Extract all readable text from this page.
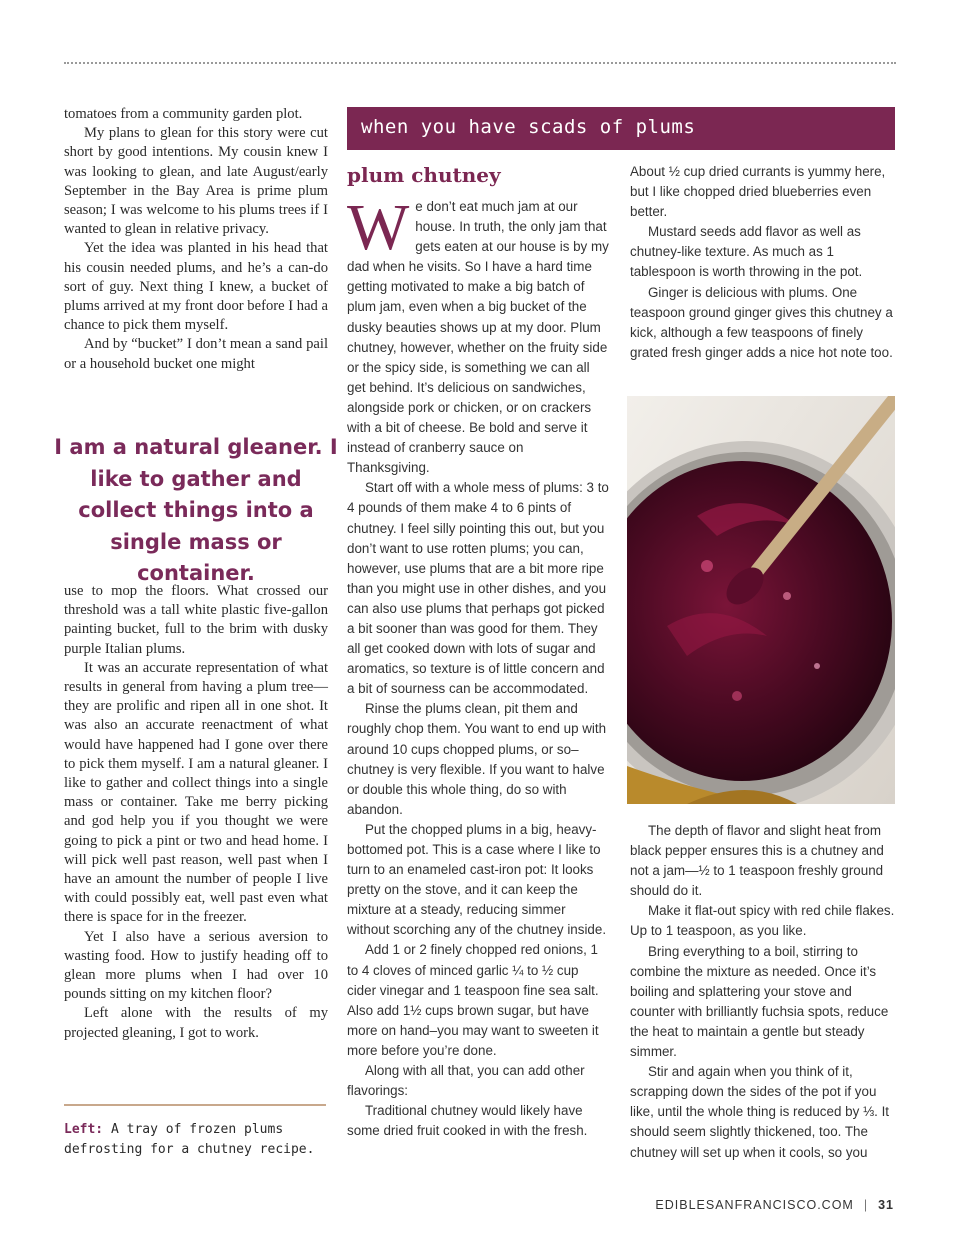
tomatoes from a community garden plot.

My plans to glean for this story were cut short by good intentions. My cousin knew I was looking to glean, and late August/early September in the Bay Area is prime plum season; I was welcome to his plums trees if I wanted to glean in relative privacy.

Yet the idea was planted in his head that his cousin needed plums, and he’s a can-do sort of guy. Next thing I knew, a bucket of plums arrived at my front door before I had a chance to pick them myself.

And by “bucket” I don’t mean a sand pail or a household bucket one might

I am a natural gleaner. I like to gather and collect things into a single mass or container.

use to mop the floors. What crossed our threshold was a tall white plastic five-gallon painting bucket, full to the brim with dusky purple Italian plums.

It was an accurate representation of what results in general from having a plum tree—they are prolific and ripen all in one shot. It was also an accurate reenactment of what would have happened had I gone over there to pick them myself. I am a natural gleaner. I like to gather and collect things into a single mass or container. Take me berry picking and god help you if you thought we were going to pick a pint or two and head home. I will pick well past reason, well past when I have an amount the number of people I live with could possibly eat, well past even what there is space for in the freezer.

Yet I also have a serious aversion to wasting food. How to justify heading off to glean more plums when I had over 10 pounds sitting on my kitchen floor?

Left alone with the results of my projected gleaning, I got to work.

Left: A tray of frozen plums defrosting for a chutney recipe.
when you have scads of plums
plum chutney

We don’t eat much jam at our house. In truth, the only jam that gets eaten at our house is by my dad when he visits. So I have a hard time getting motivated to make a big batch of plum jam, even when a big bucket of the dusky beauties shows up at my door. Plum chutney, however, whether on the fruity side or the spicy side, is something we can all get behind. It’s delicious on sandwiches, alongside pork or chicken, or on crackers with a bit of cheese. Be bold and serve it instead of cranberry sauce on Thanksgiving.

Start off with a whole mess of plums: 3 to 4 pounds of them make 4 to 6 pints of chutney. I feel silly pointing this out, but you don’t want to use rotten plums; you can, however, use plums that are a bit more ripe than you might use in other dishes, and you can also use plums that perhaps got picked a bit sooner than was good for them. They all get cooked down with lots of sugar and aromatics, so texture is of little concern and a bit of sourness can be accommodated.

Rinse the plums clean, pit them and roughly chop them. You want to end up with around 10 cups chopped plums, or so–chutney is very flexible. If you want to halve or double this whole thing, do so with abandon.

Put the chopped plums in a big, heavy-bottomed pot. This is a case where I like to turn to an enameled cast-iron pot: It looks pretty on the stove, and it can keep the mixture at a steady, reducing simmer without scorching any of the chutney inside.

Add 1 or 2 finely chopped red onions, 1 to 4 cloves of minced garlic ¼ to ½ cup cider vinegar and 1 teaspoon fine sea salt. Also add 1½ cups brown sugar, but have more on hand–you may want to sweeten it more before you’re done.

Along with all that, you can add other flavorings:

Traditional chutney would likely have some dried fruit cooked in with the fresh.

About ½ cup dried currants is yummy here, but I like chopped dried blueberries even better.

Mustard seeds add flavor as well as chutney-like texture. As much as 1 tablespoon is worth throwing in the pot.

Ginger is delicious with plums. One teaspoon ground ginger gives this chutney a kick, although a few teaspoons of finely grated fresh ginger adds a nice hot note too.

The depth of flavor and slight heat from black pepper ensures this is a chutney and not a jam—½ to 1 teaspoon freshly ground should do it.

Make it flat-out spicy with red chile flakes. Up to 1 teaspoon, as you like.

Bring everything to a boil, stirring to combine the mixture as needed. Once it’s boiling and splattering your stove and counter with brilliantly fuchsia spots, reduce the heat to maintain a gentle but steady simmer.

Stir and again when you think of it, scrapping down the sides of the pot if you like, until the whole thing is reduced by ⅓. It should seem slightly thickened, too. The chutney will set up when it cools, so you

EDIBLESANFRANCISCO.COM | 31
